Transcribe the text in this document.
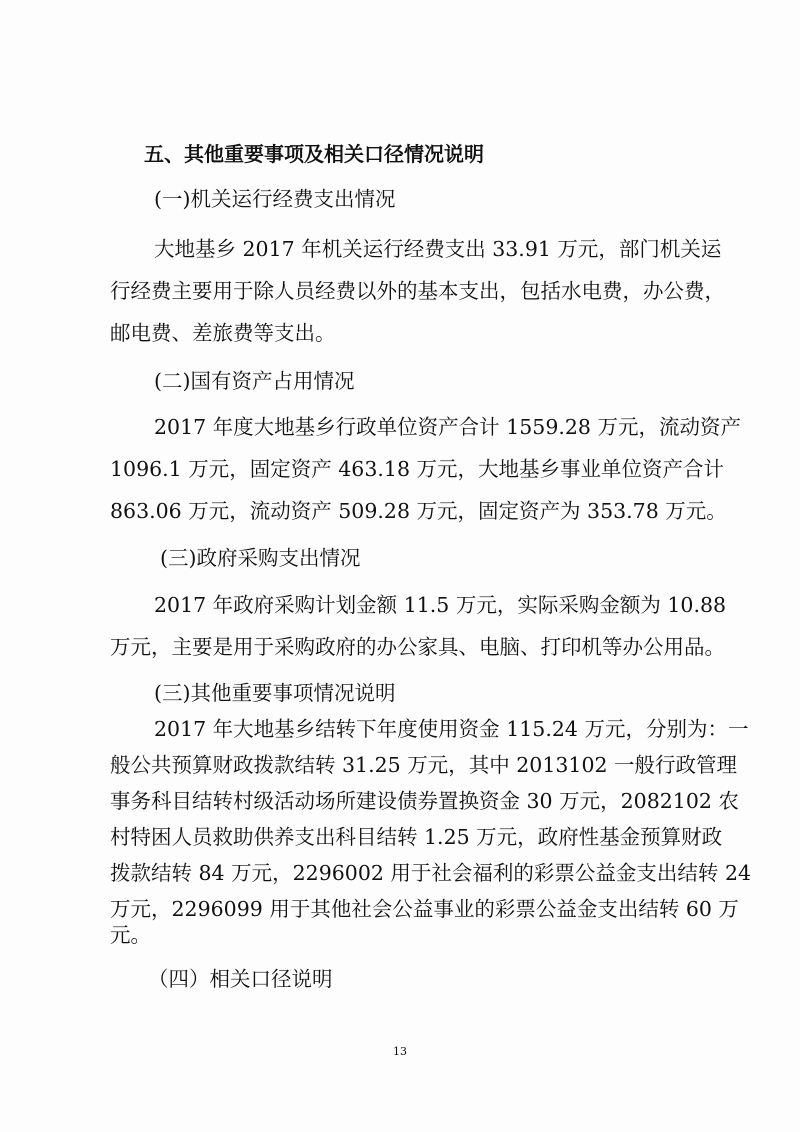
五、其他重要事项及相关口径情况说明
(一)机关运行经费支出情况
大地基乡 2017 年机关运行经费支出 33.91 万元，部门机关运
行经费主要用于除人员经费以外的基本支出，包括水电费，办公费，
邮电费、差旅费等支出。
(二)国有资产占用情况
2017 年度大地基乡行政单位资产合计 1559.28 万元，流动资产
1096.1 万元，固定资产 463.18 万元，大地基乡事业单位资产合计
863.06 万元，流动资产 509.28 万元，固定资产为 353.78 万元。
(三)政府采购支出情况
2017 年政府采购计划金额 11.5 万元，实际采购金额为 10.88
万元，主要是用于采购政府的办公家具、电脑、打印机等办公用品。
(三)其他重要事项情况说明
2017 年大地基乡结转下年度使用资金 115.24 万元，分别为：一
般公共预算财政拨款结转 31.25 万元，其中 2013102 一般行政管理
事务科目结转村级活动场所建设债券置换资金 30 万元，2082102 农
村特困人员救助供养支出科目结转 1.25 万元，政府性基金预算财政
拨款结转 84 万元，2296002 用于社会福利的彩票公益金支出结转 24
万元，2296099 用于其他社会公益事业的彩票公益金支出结转 60 万
元。
（四）相关口径说明
13
